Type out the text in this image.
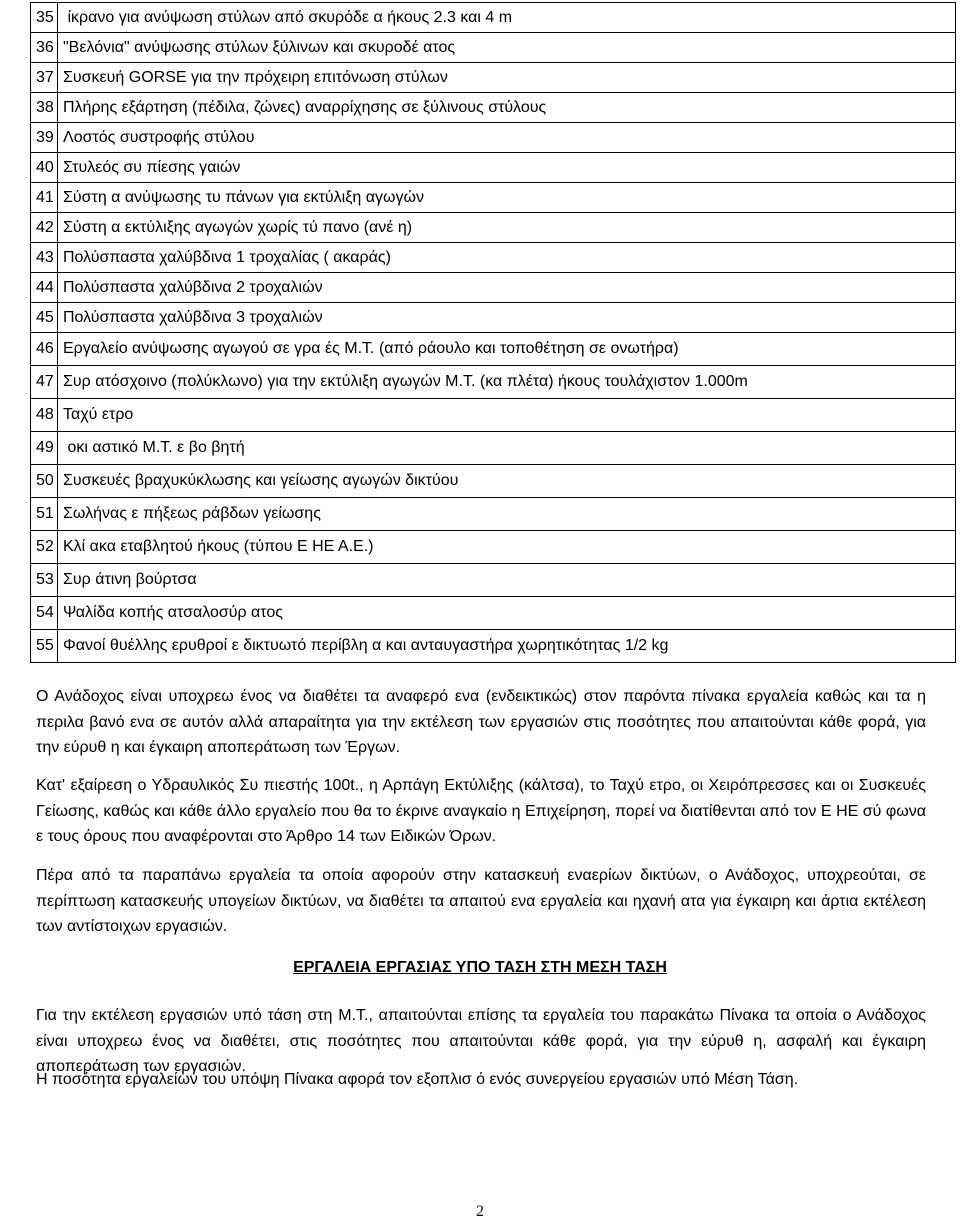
35	ίκρανο για ανύψωση στύλων από σκυρόδε α ήκους 2.3 και 4 m
36	"Βελόνια" ανύψωσης στύλων ξύλινων και σκυροδέ ατος
37	Συσκευή GORSE για την πρόχειρη επιτόνωση στύλων
38	Πλήρης εξάρτηση (πέδιλα, ζώνες) αναρρίχησης σε ξύλινους στύλους
39	Λοστός συστροφής στύλου
40	Στυλεός συ πίεσης γαιών
41	Σύστη α ανύψωσης τυ πάνων για εκτύλιξη αγωγών
42	Σύστη α εκτύλιξης αγωγών χωρίς τύ πανο (ανέ η)
43	Πολύσπαστα χαλύβδινα 1 τροχαλίας ( ακαράς)
44	Πολύσπαστα χαλύβδινα 2 τροχαλιών
45	Πολύσπαστα χαλύβδινα 3 τροχαλιών
46	Εργαλείο ανύψωσης αγωγού σε γρα ές Μ.Τ. (από ράουλο και τοποθέτηση σε ονωτήρα)
47	Συρ ατόσχοινο (πολύκλωνο) για την εκτύλιξη αγωγών Μ.Τ. (κα πλέτα) ήκους τουλάχιστον 1.000m
48	Ταχύ ετρο
49	οκι αστικό Μ.Τ. ε βο βητή
50	Συσκευές βραχυκύκλωσης και γείωσης αγωγών δικτύου
51	Σωλήνας ε πήξεως ράβδων γείωσης
52	Κλί ακα εταβλητού ήκους (τύπου Ε ΗΕ Α.Ε.)
53	Συρ άτινη βούρτσα
54	Ψαλίδα κοπής ατσαλοσύρ ατος
55	Φανοί θυέλλης ερυθροί ε δικτυωτό περίβλη α και ανταυγαστήρα χωρητικότητας 1/2 kg

Ο Ανάδοχος είναι υποχρεω ένος να διαθέτει τα αναφερό ενα (ενδεικτικώς) στον παρόντα πίνακα εργαλεία καθώς και τα η περιλα βανό ενα σε αυτόν αλλά απαραίτητα για την εκτέλεση των εργασιών στις ποσότητες που απαιτούνται κάθε φορά, για την εύρυθ η και έγκαιρη αποπεράτωση των Έργων.

Κατ' εξαίρεση ο Υδραυλικός Συ πιεστής 100t., η Αρπάγη Εκτύλιξης (κάλτσα), το Ταχύ ετρο, οι Χειρόπρεσσες και οι Συσκευές Γείωσης, καθώς και κάθε άλλο εργαλείο που θα το έκρινε αναγκαίο η Επιχείρηση, πορεί να διατίθενται από τον Ε ΗΕ σύ φωνα ε τους όρους που αναφέρονται στο Άρθρο 14 των Ειδικών Όρων.

Πέρα από τα παραπάνω εργαλεία τα οποία αφορούν στην κατασκευή εναερίων δικτύων, ο Ανάδοχος, υποχρεούται, σε περίπτωση κατασκευής υπογείων δικτύων, να διαθέτει τα απαιτού ενα εργαλεία και ηχανή ατα για έγκαιρη και άρτια εκτέλεση των αντίστοιχων εργασιών.

ΕΡΓΑΛΕΙΑ ΕΡΓΑΣΙΑΣ ΥΠΟ ΤΑΣΗ ΣΤΗ ΜΕΣΗ ΤΑΣΗ

Για την εκτέλεση εργασιών υπό τάση στη Μ.Τ., απαιτούνται επίσης τα εργαλεία του παρακάτω Πίνακα τα οποία ο Ανάδοχος είναι υποχρεω ένος να διαθέτει, στις ποσότητες που απαιτούνται κάθε φορά, για την εύρυθ η, ασφαλή και έγκαιρη αποπεράτωση των εργασιών.

Η ποσότητα εργαλείων του υπόψη Πίνακα αφορά τον εξοπλισ ό ενός συνεργείου εργασιών υπό Μέση Τάση.

2
